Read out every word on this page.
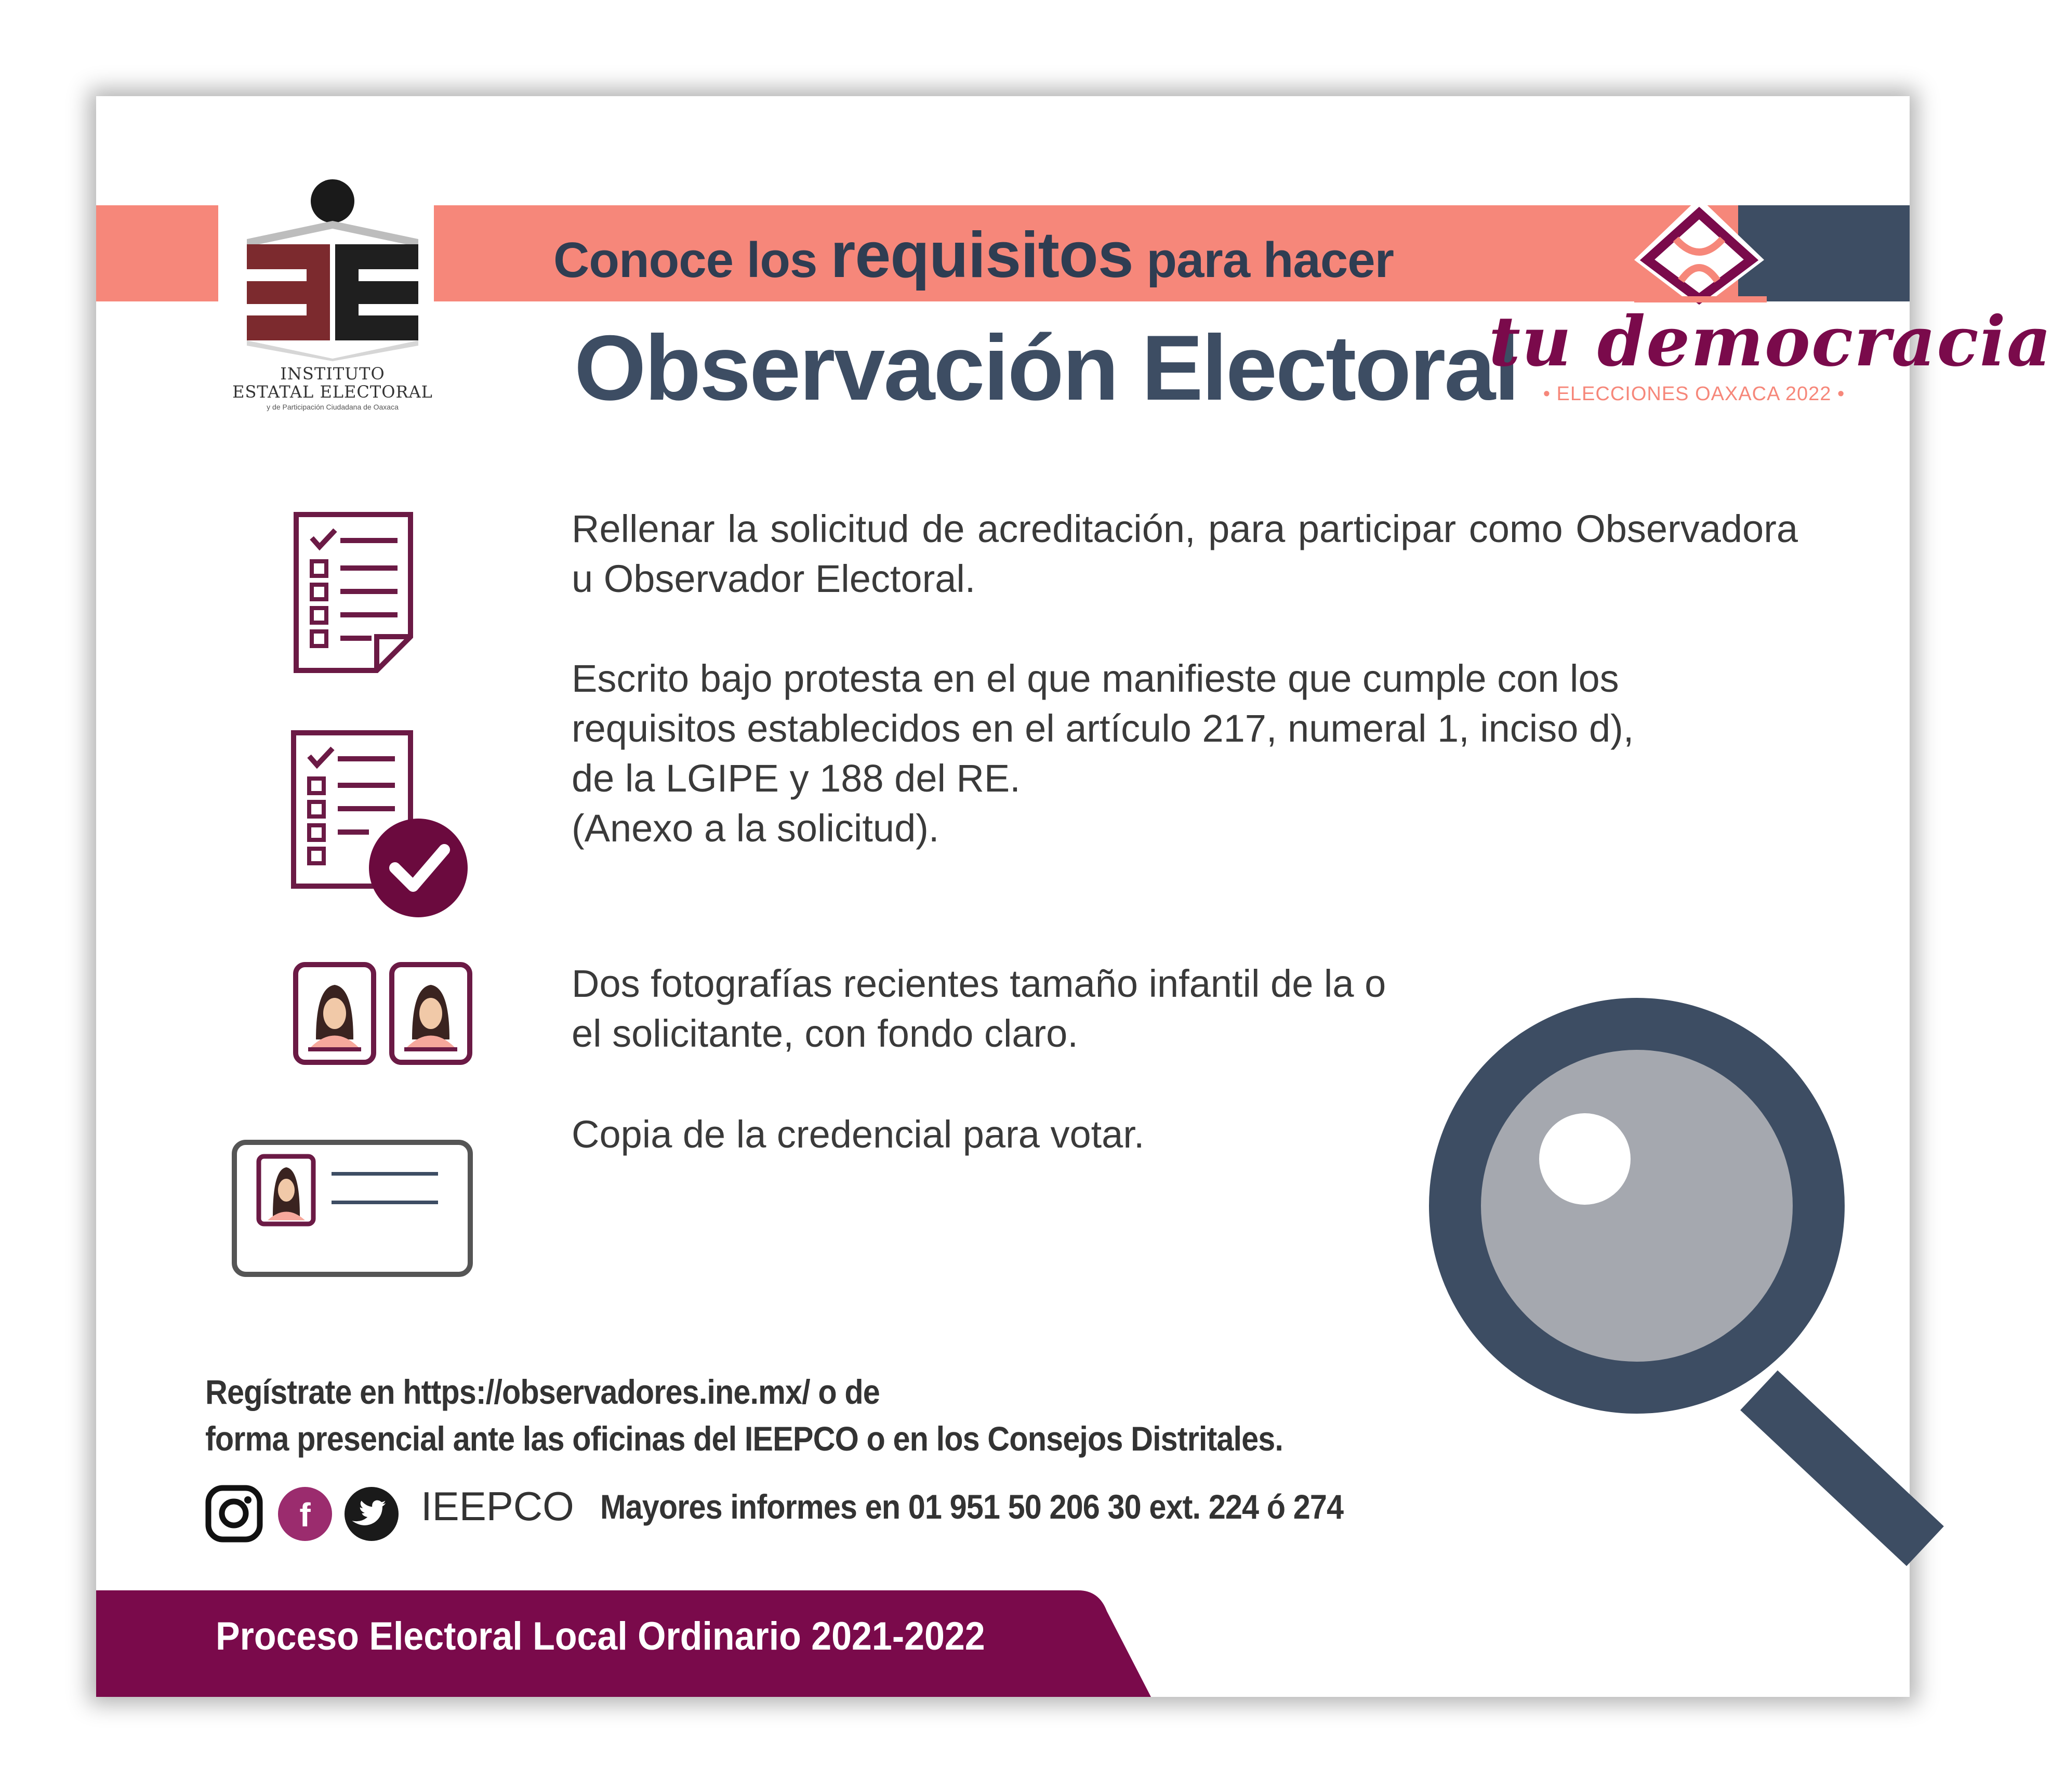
INSTITUTO
ESTATAL ELECTORAL
y de Participación Ciudadana de Oaxaca
Conoce los requisitos para hacer
Observación Electoral
tu democracia
• ELECCIONES OAXACA 2022 •
Rellenar la solicitud de acreditación, para participar como Observadora u Observador Electoral.

Escrito bajo protesta en el que manifieste que cumple con los

requisitos establecidos en el artículo 217, numeral 1, inciso d),

de la LGIPE y 188 del RE.

(Anexo a la solicitud).

Dos fotografías recientes tamaño infantil de la o

el solicitante, con fondo claro.

Copia de la credencial para votar.
Regístrate en https://observadores.ine.mx/ o de
forma presencial ante las oficinas del IEEPCO o en los Consejos Distritales.
f	IEEPCO Mayores informes en 01 951 50 206 30 ext. 224 ó 274
Proceso Electoral Local Ordinario 2021-2022
